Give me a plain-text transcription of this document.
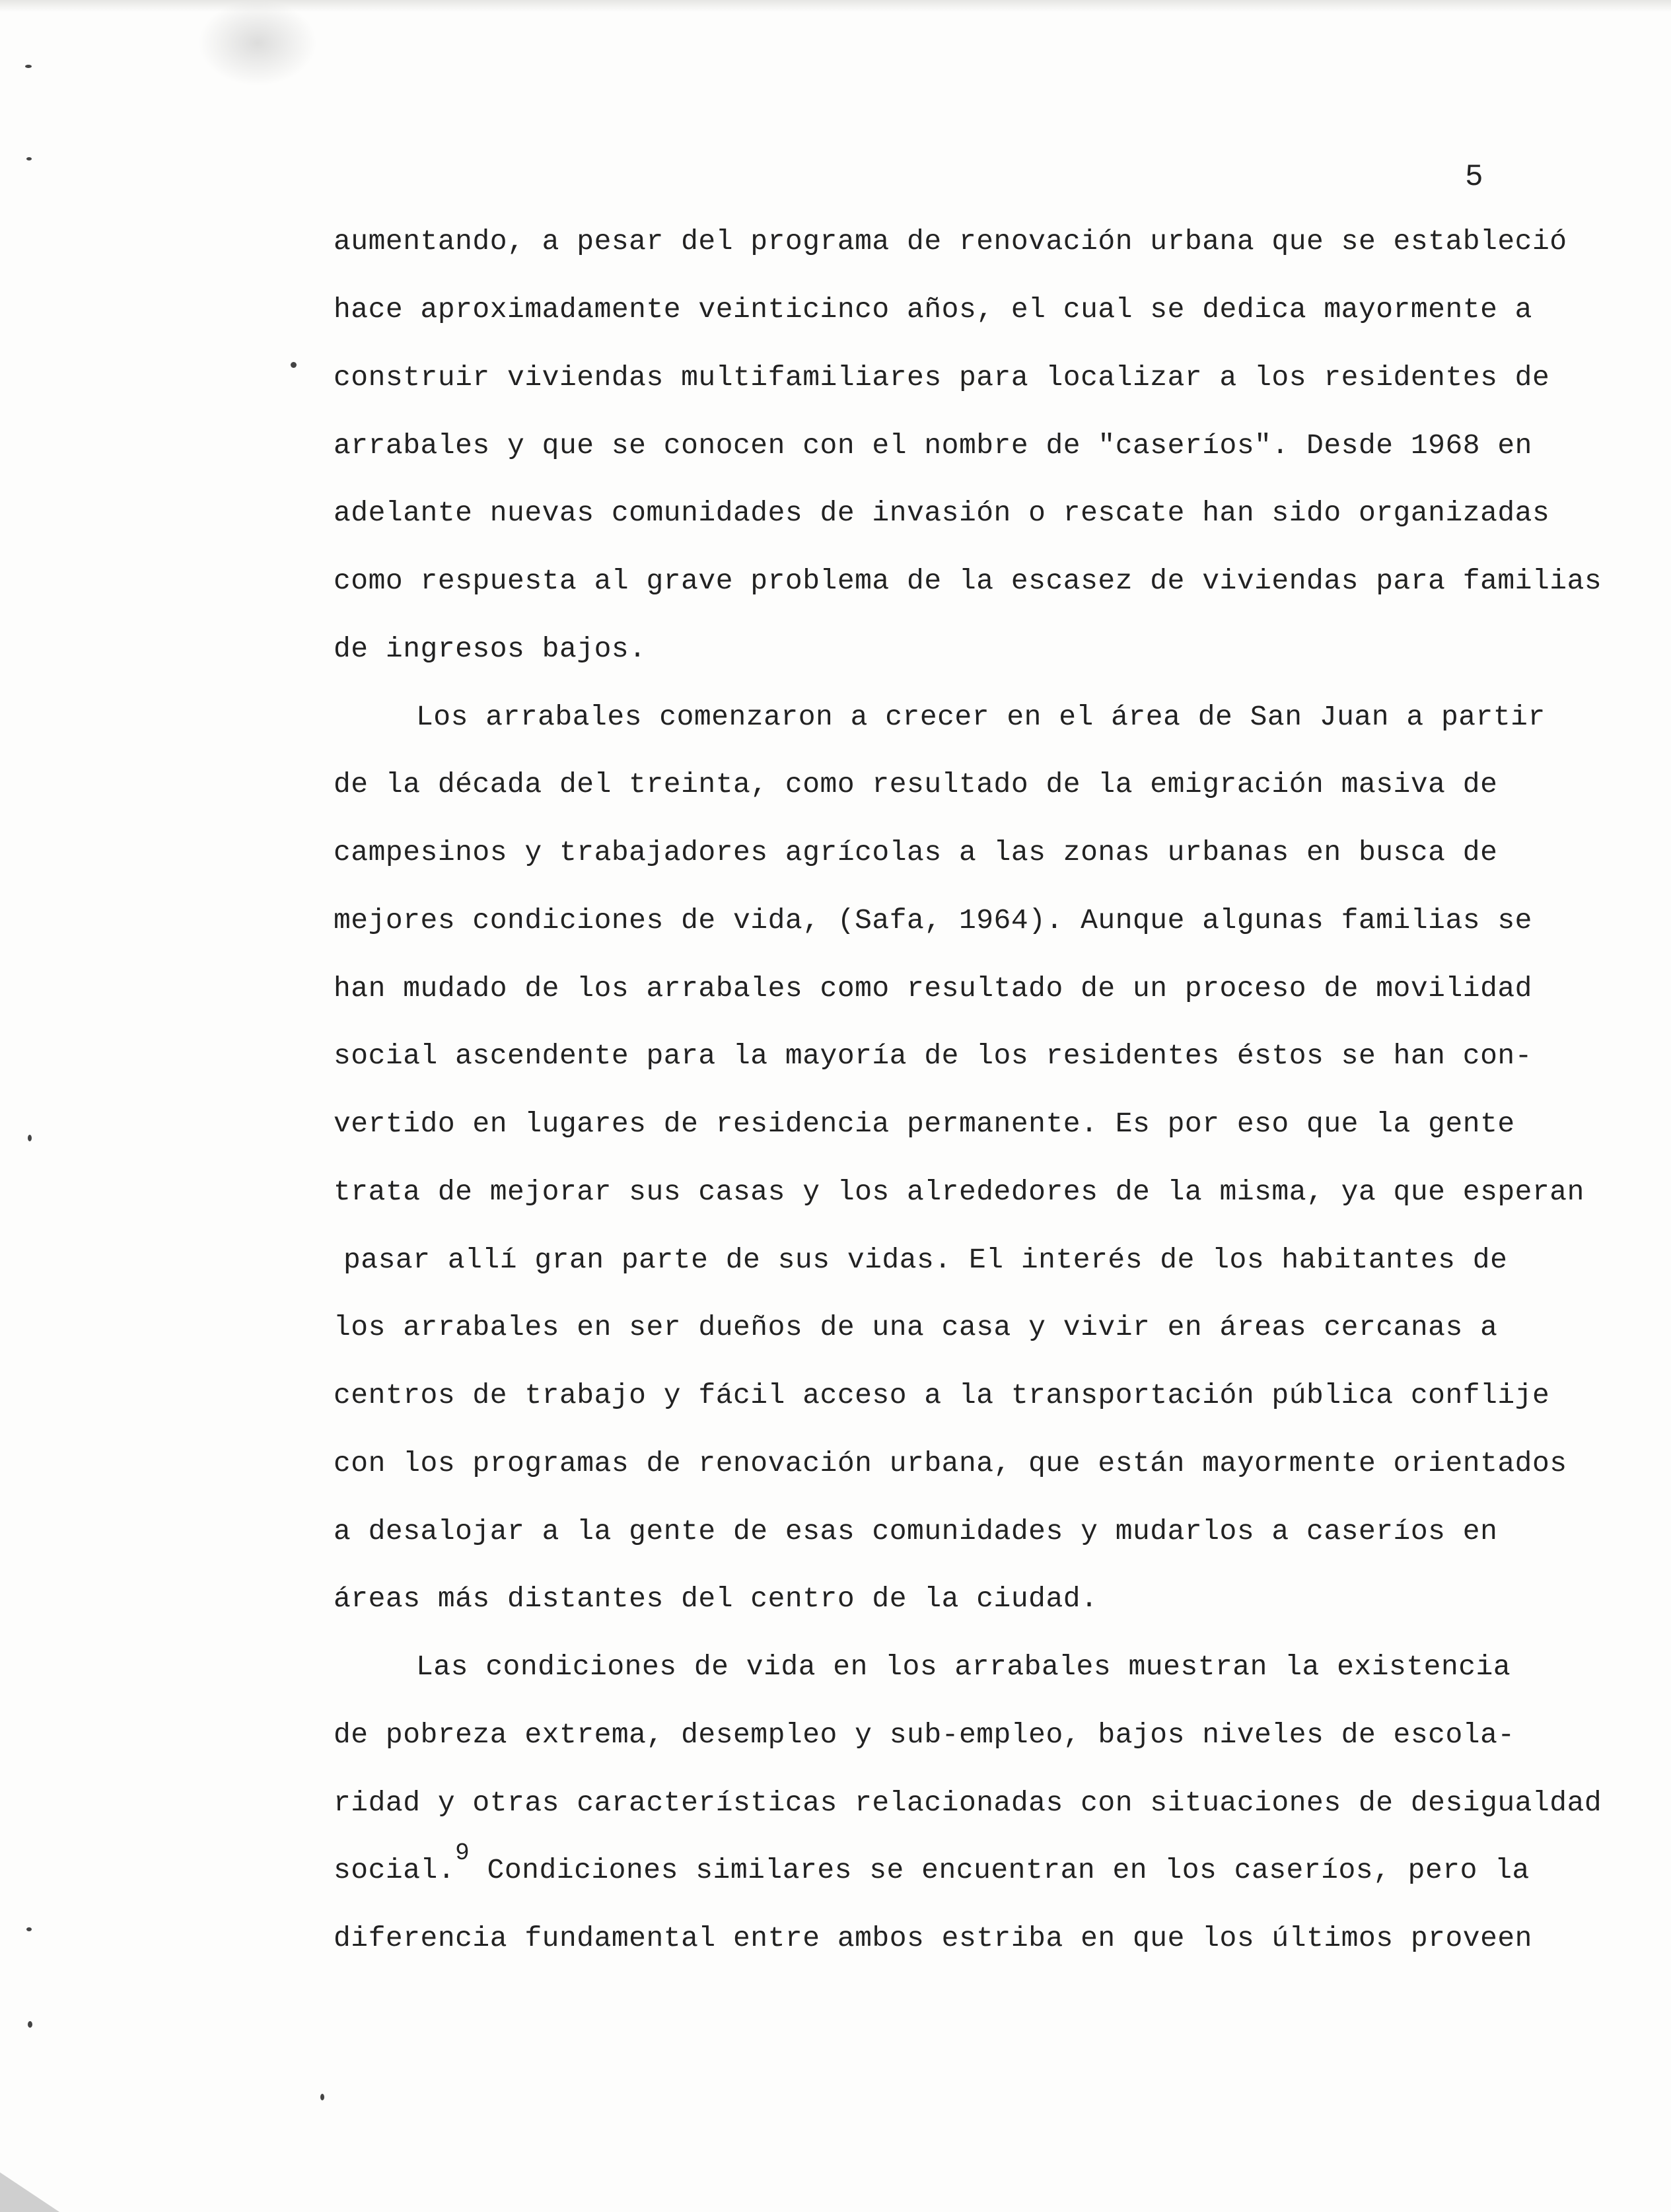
5
aumentando, a pesar del programa de renovación urbana que se estableció
hace aproximadamente veinticinco años, el cual se dedica mayormente a
construir viviendas multifamiliares para localizar a los residentes de
arrabales y que se conocen con el nombre de "caseríos". Desde 1968 en
adelante nuevas comunidades de invasión o rescate han sido organizadas
como respuesta al grave problema de la escasez de viviendas para familias
de ingresos bajos.
Los arrabales comenzaron a crecer en el área de San Juan a partir
de la década del treinta, como resultado de la emigración masiva de
campesinos y trabajadores agrícolas a las zonas urbanas en busca de
mejores condiciones de vida, (Safa, 1964). Aunque algunas familias se
han mudado de los arrabales como resultado de un proceso de movilidad
social ascendente para la mayoría de los residentes éstos se han con-
vertido en lugares de residencia permanente. Es por eso que la gente
trata de mejorar sus casas y los alrededores de la misma, ya que esperan
pasar allí gran parte de sus vidas. El interés de los habitantes de
los arrabales en ser dueños de una casa y vivir en áreas cercanas a
centros de trabajo y fácil acceso a la transportación pública conflije
con los programas de renovación urbana, que están mayormente orientados
a desalojar a la gente de esas comunidades y mudarlos a caseríos en
áreas más distantes del centro de la ciudad.
Las condiciones de vida en los arrabales muestran la existencia
de pobreza extrema, desempleo y sub-empleo, bajos niveles de escola-
ridad y otras características relacionadas con situaciones de desigualdad
social.$^9$ Condiciones similares se encuentran en los caseríos, pero la
diferencia fundamental entre ambos estriba en que los últimos proveen
